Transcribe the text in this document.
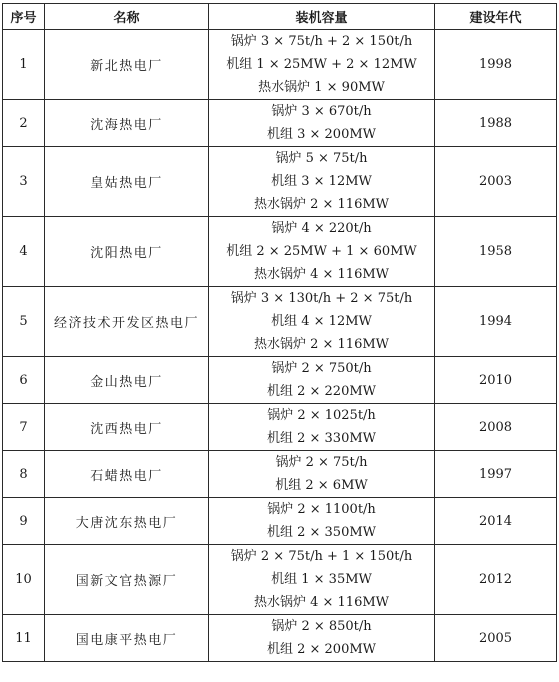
序号	名称	装机容量	建设年代
1	新北热电厂	锅炉 3 × 75t/h + 2 × 150t/h
机组 1 × 25MW + 2 × 12MW
热水锅炉 1 × 90MW	1998
2	沈海热电厂	锅炉 3 × 670t/h
机组 3 × 200MW	1988
3	皇姑热电厂	锅炉 5 × 75t/h
机组 3 × 12MW
热水锅炉 2 × 116MW	2003
4	沈阳热电厂	锅炉 4 × 220t/h
机组 2 × 25MW + 1 × 60MW
热水锅炉 4 × 116MW	1958
5	经济技术开发区热电厂	锅炉 3 × 130t/h + 2 × 75t/h
机组 4 × 12MW
热水锅炉 2 × 116MW	1994
6	金山热电厂	锅炉 2 × 750t/h
机组 2 × 220MW	2010
7	沈西热电厂	锅炉 2 × 1025t/h
机组 2 × 330MW	2008
8	石蜡热电厂	锅炉 2 × 75t/h
机组 2 × 6MW	1997
9	大唐沈东热电厂	锅炉 2 × 1100t/h
机组 2 × 350MW	2014
10	国新文官热源厂	锅炉 2 × 75t/h + 1 × 150t/h
机组 1 × 35MW
热水锅炉 4 × 116MW	2012
11	国电康平热电厂	锅炉 2 × 850t/h
机组 2 × 200MW	2005
